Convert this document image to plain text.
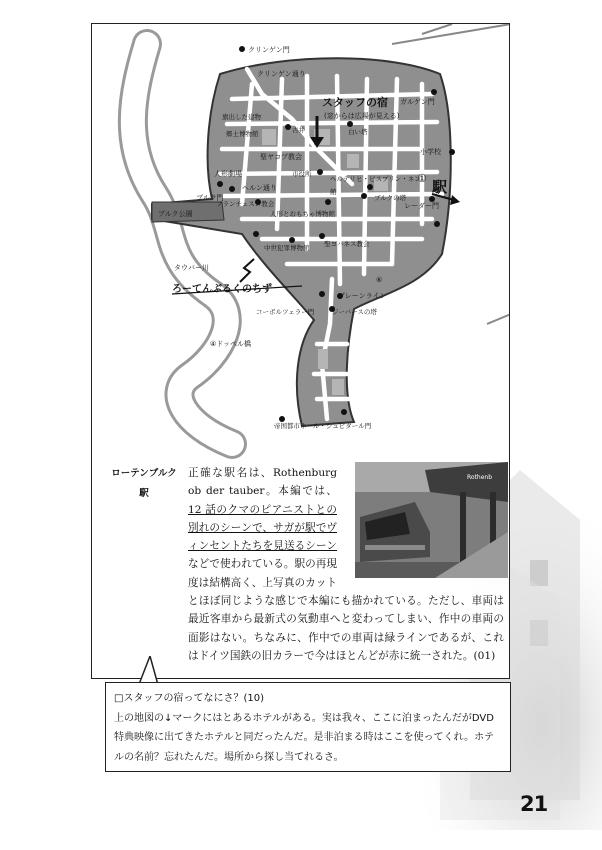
クリンゲン門
クリンゲン通り
スタッフの宿
(窓からは広場が見える)
ガルゲン門
旗出した建物
郷土博物館	古井	白い塔
小学校
聖ヤコブ教会
市役所
ヘルテリヒ・ビスプリン・ネン
① 駅
人形劇場
ヘルン通り	館
ブルク門	ブルクの塔
フランチェスコ教会	レーダー門
人形とおもちゃ博物館
ブルク公園
中世犯罪博物館 聖ヨハネス教会
タウバー川
ろーてんぶるくのちず
⑥
プレーンライン
ジーバースの塔
コーボルツェラー門
④ドッペル橋
帝国都市ホール・シュピタール門
ローテンブルク
駅
Rothenb

正確な駅名は、Rothenburg ob der tauber。本編では、12 話のクマのピアニストとの別れのシーンで、サガが駅でヴィンセントたちを見送るシーンなどで使われている。駅の再現度は結構高く、上写真のカットとほぼ同じような感じで本編にも描かれている。ただし、車両は最近客車から最新式の気動車へと変わってしまい、作中の車両の面影はない。ちなみに、作中での車両は緑ラインであるが、これはドイツ国鉄の旧カラーで今はほとんどが赤に統一された。(01)

□スタッフの宿ってなにさ？(10)
上の地図の↓マークにはとあるホテルがある。実は我々、ここに泊まったんだがDVD特典映像に出てきたホテルと同だったんだ。是非泊まる時はここを使ってくれ。ホテルの名前？忘れたんだ。場所から探し当てれるさ。
21
